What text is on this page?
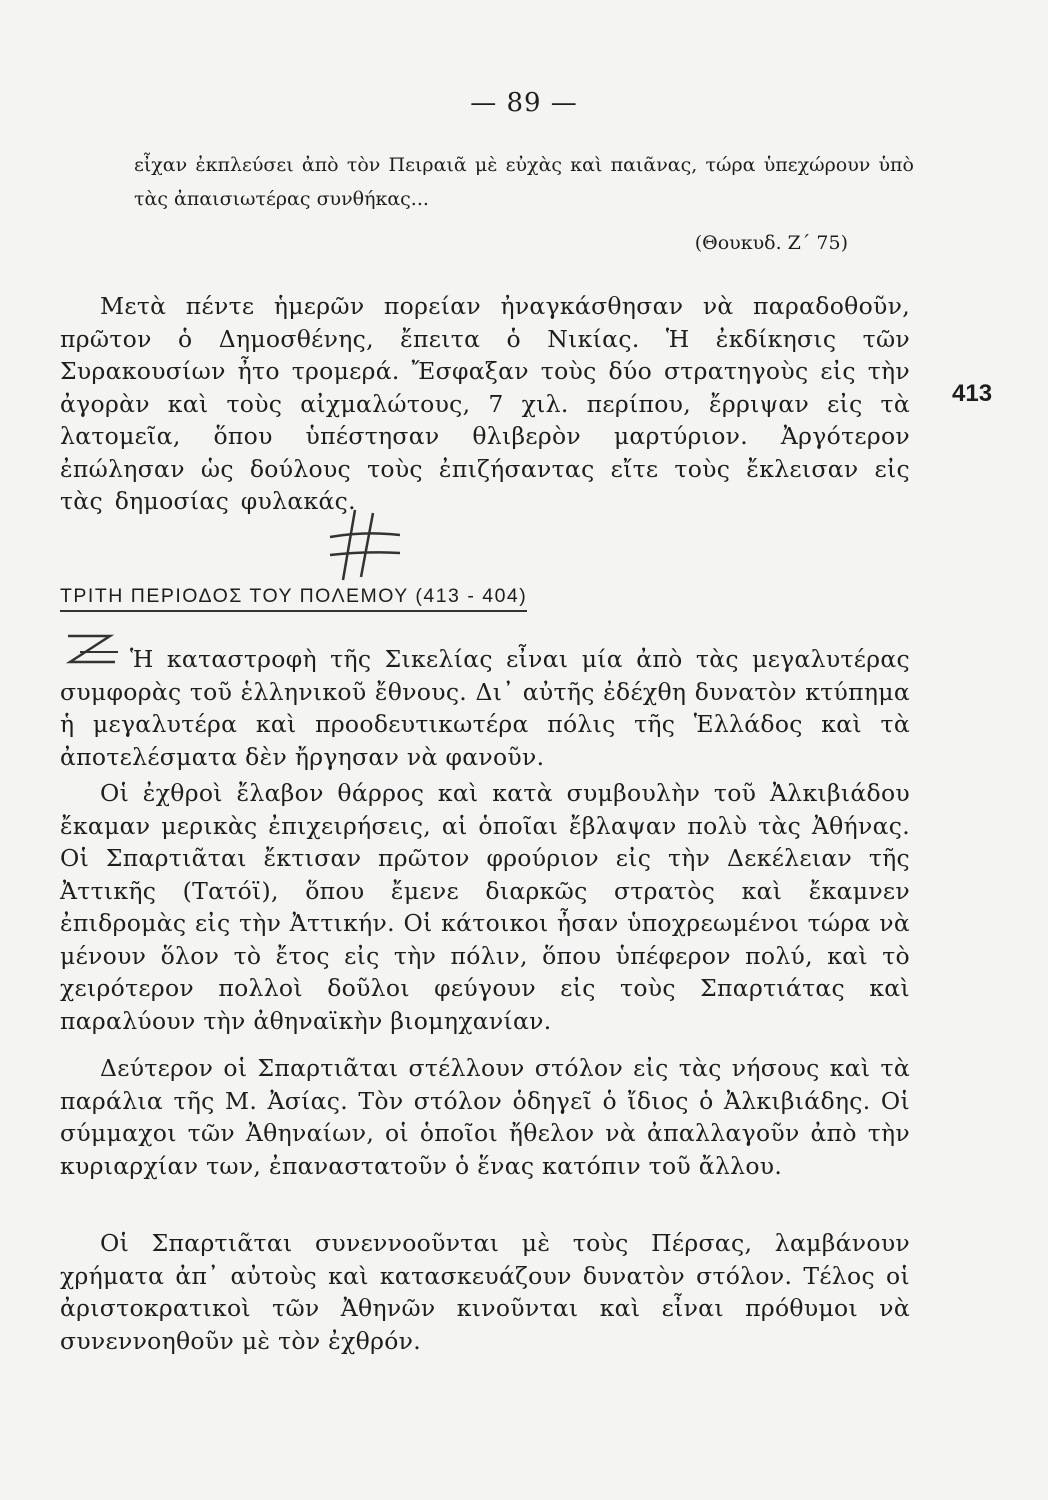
— 89 —
εἶχαν ἐκπλεύσει ἀπὸ τὸν Πειραιᾶ μὲ εὐχὰς καὶ παιᾶνας, τώρα ὑπεχώρουν ὑπὸ τὰς ἀπαισιωτέρας συνθήκας...
(Θουκυδ. Ζ΄ 75)
Μετὰ πέντε ἡμερῶν πορείαν ἠναγκάσθησαν νὰ παραδοθοῦν, πρῶτον ὁ Δημοσθένης, ἔπειτα ὁ Νικίας. Ἡ ἐκδίκησις τῶν Συρακουσίων ἦτο τρομερά. Ἔσφαξαν τοὺς δύο στρατηγοὺς εἰς τὴν ἀγορὰν καὶ τοὺς αἰχμαλώτους, 7 χιλ. περίπου, ἔρριψαν εἰς τὰ λατομεῖα, ὅπου ὑπέστησαν θλιβερὸν μαρτύριον. Ἀργότερον ἐπώλησαν ὡς δούλους τοὺς ἐπιζήσαντας εἴτε τοὺς ἔκλεισαν εἰς τὰς δημοσίας φυλακάς.
413
ΤΡΙΤΗ ΠΕΡΙΟΔΟΣ ΤΟΥ ΠΟΛΕΜΟΥ (413 - 404)
Ἡ καταστροφὴ τῆς Σικελίας εἶναι μία ἀπὸ τὰς μεγαλυτέρας συμφορὰς τοῦ ἑλληνικοῦ ἔθνους. Δι᾽ αὐτῆς ἐδέχθη δυνατὸν κτύπημα ἡ μεγαλυτέρα καὶ προοδευτικωτέρα πόλις τῆς Ἑλλάδος καὶ τὰ ἀποτελέσματα δὲν ἤργησαν νὰ φανοῦν.
Οἱ ἐχθροὶ ἔλαβον θάρρος καὶ κατὰ συμβουλὴν τοῦ Ἀλκιβιάδου ἔκαμαν μερικὰς ἐπιχειρήσεις, αἱ ὁποῖαι ἔβλαψαν πολὺ τὰς Ἀθήνας. Οἱ Σπαρτιᾶται ἔκτισαν πρῶτον φρούριον εἰς τὴν Δεκέλειαν τῆς Ἀττικῆς (Τατόϊ), ὅπου ἔμενε διαρκῶς στρατὸς καὶ ἔκαμνεν ἐπιδρομὰς εἰς τὴν Ἀττικήν. Οἱ κάτοικοι ἦσαν ὑποχρεωμένοι τώρα νὰ μένουν ὅλον τὸ ἔτος εἰς τὴν πόλιν, ὅπου ὑπέφερον πολύ, καὶ τὸ χειρότερον πολλοὶ δοῦλοι φεύγουν εἰς τοὺς Σπαρτιάτας καὶ παραλύουν τὴν ἀθηναϊκὴν βιομηχανίαν.
Δεύτερον οἱ Σπαρτιᾶται στέλλουν στόλον εἰς τὰς νήσους καὶ τὰ παράλια τῆς Μ. Ἀσίας. Τὸν στόλον ὁδηγεῖ ὁ ἴδιος ὁ Ἀλκιβιάδης. Οἱ σύμμαχοι τῶν Ἀθηναίων, οἱ ὁποῖοι ἤθελον νὰ ἀπαλλαγοῦν ἀπὸ τὴν κυριαρχίαν των, ἐπαναστατοῦν ὁ ἕνας κατόπιν τοῦ ἄλλου.
Οἱ Σπαρτιᾶται συνεννοοῦνται μὲ τοὺς Πέρσας, λαμβάνουν χρήματα ἀπ᾽ αὐτοὺς καὶ κατασκευάζουν δυνατὸν στόλον. Τέλος οἱ ἀριστοκρατικοὶ τῶν Ἀθηνῶν κινοῦνται καὶ εἶναι πρόθυμοι νὰ συνεννοηθοῦν μὲ τὸν ἐχθρόν.
